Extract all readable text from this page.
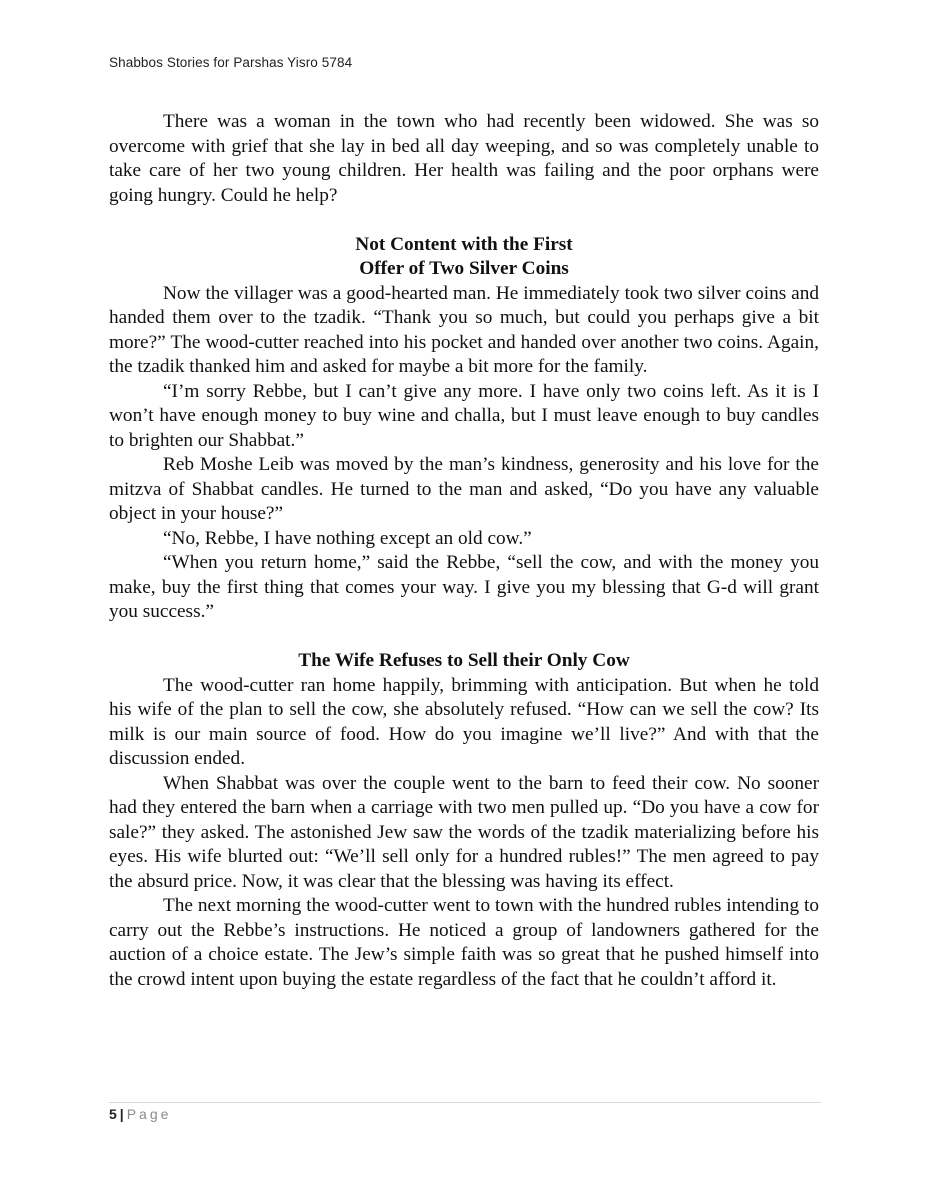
Shabbos Stories for Parshas Yisro 5784

There was a woman in the town who had recently been widowed. She was so overcome with grief that she lay in bed all day weeping, and so was completely unable to take care of her two young children. Her health was failing and the poor orphans were going hungry. Could he help?

Not Content with the First
Offer of Two Silver Coins

Now the villager was a good-hearted man. He immediately took two silver coins and handed them over to the tzadik. “Thank you so much, but could you perhaps give a bit more?” The wood-cutter reached into his pocket and handed over another two coins. Again, the tzadik thanked him and asked for maybe a bit more for the family.

“I’m sorry Rebbe, but I can’t give any more. I have only two coins left. As it is I won’t have enough money to buy wine and challa, but I must leave enough to buy candles to brighten our Shabbat.”

Reb Moshe Leib was moved by the man’s kindness, generosity and his love for the mitzva of Shabbat candles. He turned to the man and asked, “Do you have any valuable object in your house?”

“No, Rebbe, I have nothing except an old cow.”

“When you return home,” said the Rebbe, “sell the cow, and with the money you make, buy the first thing that comes your way. I give you my blessing that G-d will grant you success.”

The Wife Refuses to Sell their Only Cow

The wood-cutter ran home happily, brimming with anticipation. But when he told his wife of the plan to sell the cow, she absolutely refused. “How can we sell the cow? Its milk is our main source of food. How do you imagine we’ll live?” And with that the discussion ended.

When Shabbat was over the couple went to the barn to feed their cow. No sooner had they entered the barn when a carriage with two men pulled up. “Do you have a cow for sale?” they asked. The astonished Jew saw the words of the tzadik materializing before his eyes. His wife blurted out: “We’ll sell only for a hundred rubles!” The men agreed to pay the absurd price. Now, it was clear that the blessing was having its effect.

The next morning the wood-cutter went to town with the hundred rubles intending to carry out the Rebbe’s instructions. He noticed a group of landowners gathered for the auction of a choice estate. The Jew’s simple faith was so great that he pushed himself into the crowd intent upon buying the estate regardless of the fact that he couldn’t afford it.

5 | Page
